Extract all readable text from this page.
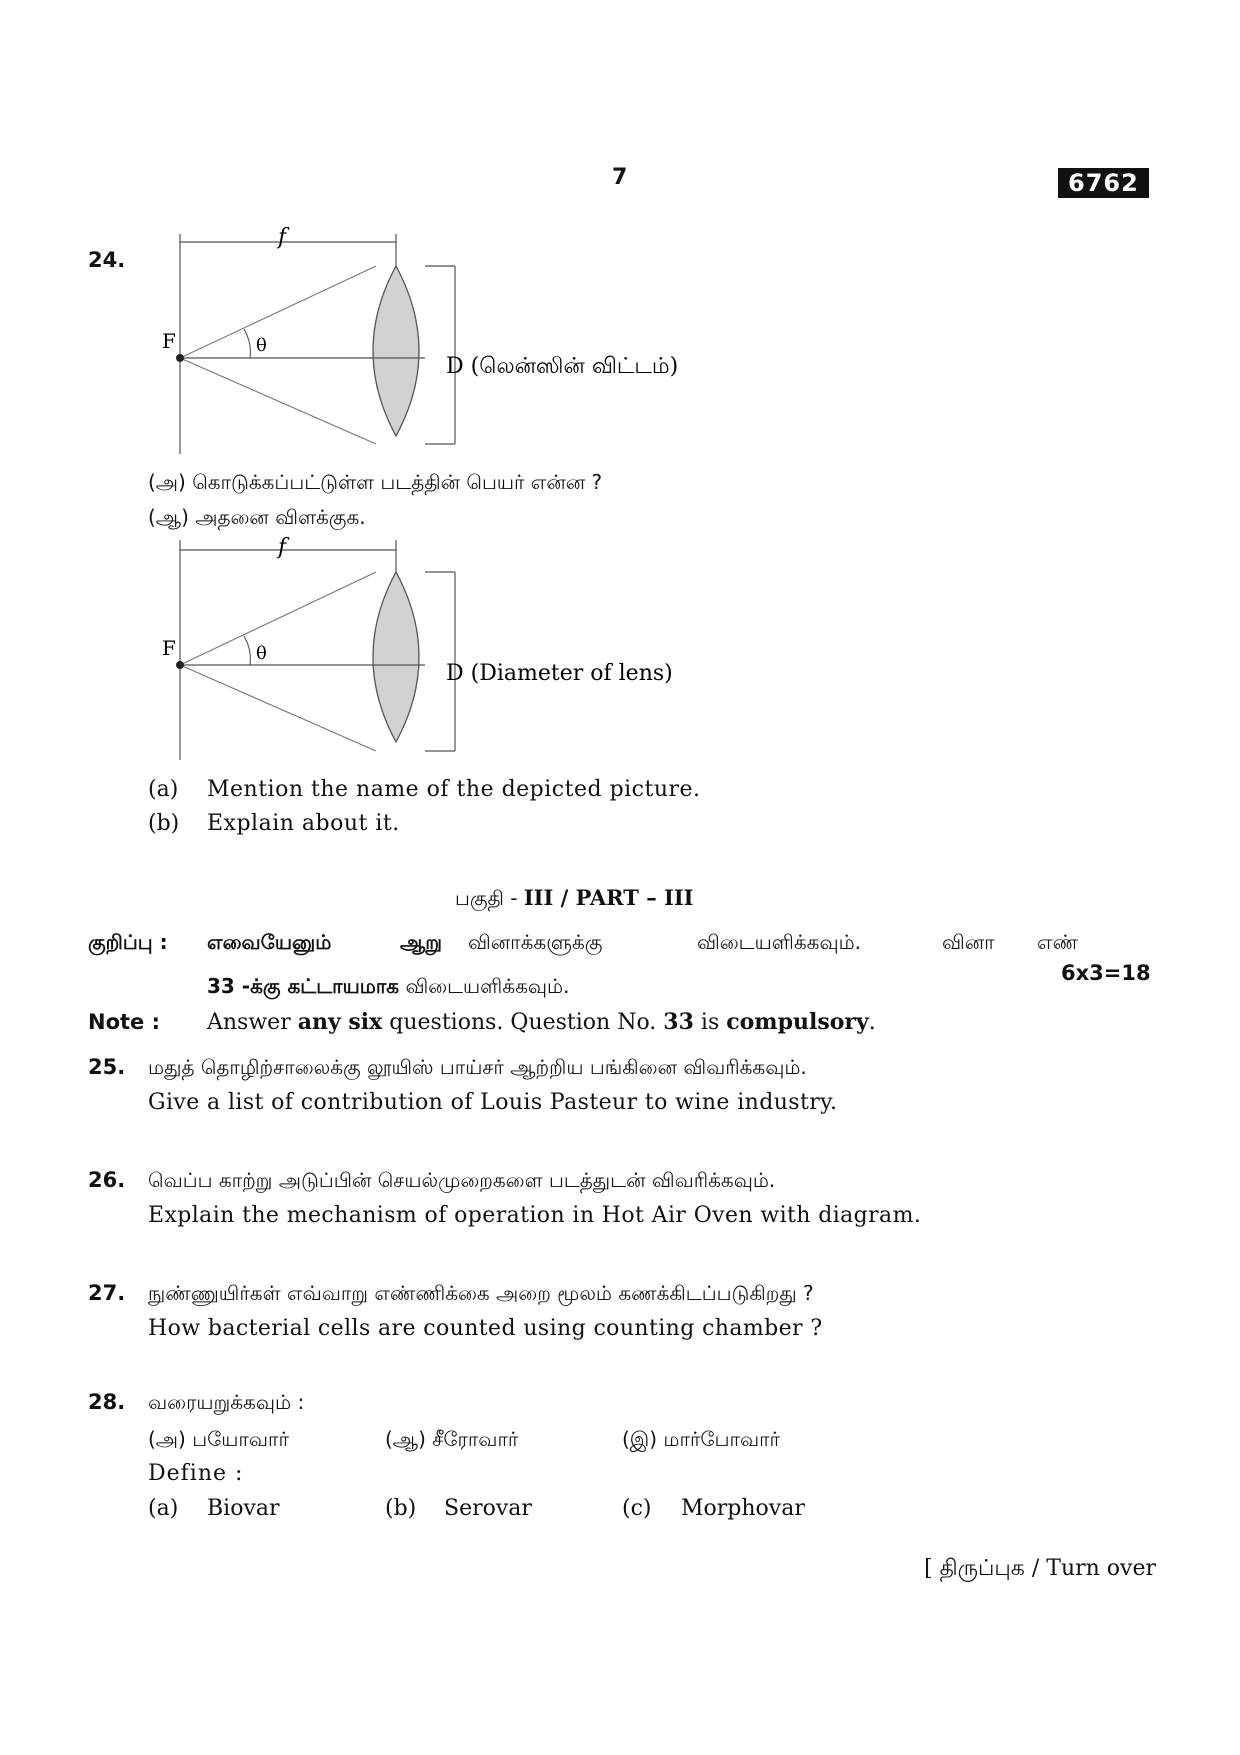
7	6762
24.
f
θ
F
D (லென்ஸின் விட்டம்)
(அ) கொடுக்கப்பட்டுள்ள படத்தின் பெயர் என்ன ?
(ஆ) அதனை விளக்குக.
f
θ
F
D (Diameter of lens)
(a) Mention the name of the depicted picture.
(b) Explain about it.
பகுதி - III / PART – III
குறிப்பு : எவையேனும்	ஆறு வினாக்களுக்கு	விடையளிக்கவும்.	வினா எண்
6x3=18
33 -க்கு கட்டாயமாக விடையளிக்கவும்.
Note : Answer any six questions. Question No. 33 is compulsory.
25. மதுத் தொழிற்சாலைக்கு லூயிஸ் பாய்சர் ஆற்றிய பங்கினை விவரிக்கவும்.
Give a list of contribution of Louis Pasteur to wine industry.
26. வெப்ப காற்று அடுப்பின் செயல்முறைகளை படத்துடன் விவரிக்கவும்.
Explain the mechanism of operation in Hot Air Oven with diagram.
27. நுண்ணுயிர்கள் எவ்வாறு எண்ணிக்கை அறை மூலம் கணக்கிடப்படுகிறது ?
How bacterial cells are counted using counting chamber ?
28. வரையறுக்கவும் :
(அ) பயோவார்	(ஆ) சீரோவார்	(இ) மார்போவார்
Define :
(a) Biovar	(b) Serovar	(c) Morphovar
[ திருப்புக / Turn over
